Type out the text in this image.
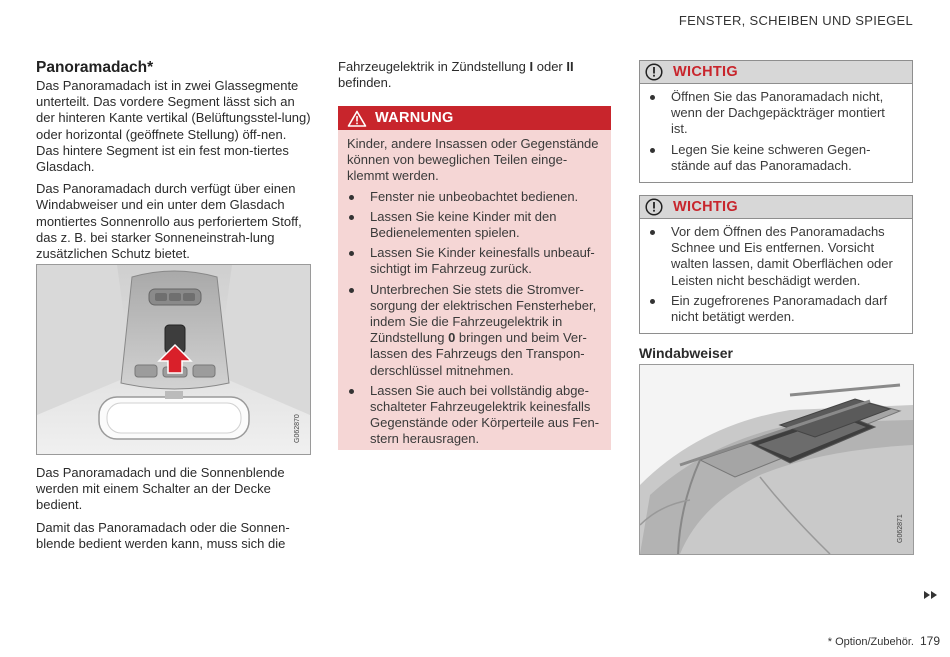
FENSTER, SCHEIBEN UND SPIEGEL
Panoramadach*

Das Panoramadach ist in zwei Glassegmente unterteilt. Das vordere Segment lässt sich an der hinteren Kante vertikal (Belüftungsstel-lung) oder horizontal (geöffnete Stellung) öff-nen. Das hintere Segment ist ein fest mon-tiertes Glasdach.

Das Panoramadach durch verfügt über einen Windabweiser und ein unter dem Glasdach montiertes Sonnenrollo aus perforiertem Stoff, das z. B. bei starker Sonneneinstrah-lung zusätzlichen Schutz bietet.

G062870

Das Panoramadach und die Sonnenblende werden mit einem Schalter an der Decke bedient.

Damit das Panoramadach oder die Sonnen-blende bedient werden kann, muss sich die

Fahrzeugelektrik in Zündstellung I oder II befinden.

WARNUNG

Kinder, andere Insassen oder Gegenstände können von beweglichen Teilen einge-klemmt werden.

Fenster nie unbeobachtet bedienen.
Lassen Sie keine Kinder mit den Bedienelementen spielen.
Lassen Sie Kinder keinesfalls unbeauf-sichtigt im Fahrzeug zurück.
Unterbrechen Sie stets die Stromver-sorgung der elektrischen Fensterheber, indem Sie die Fahrzeugelektrik in Zündstellung 0 bringen und beim Ver-lassen des Fahrzeugs den Transpon-derschlüssel mitnehmen.
Lassen Sie auch bei vollständig abge-schalteter Fahrzeugelektrik keinesfalls Gegenstände oder Körperteile aus Fen-stern herausragen.
WICHTIG
Öffnen Sie das Panoramadach nicht, wenn der Dachgepäckträger montiert ist.
Legen Sie keine schweren Gegen-stände auf das Panoramadach.
WICHTIG
Vor dem Öffnen des Panoramadachs Schnee und Eis entfernen. Vorsicht walten lassen, damit Oberflächen oder Leisten nicht beschädigt werden.
Ein zugefrorenes Panoramadach darf nicht betätigt werden.
Windabweiser
G062871
* Option/Zubehör. 179
